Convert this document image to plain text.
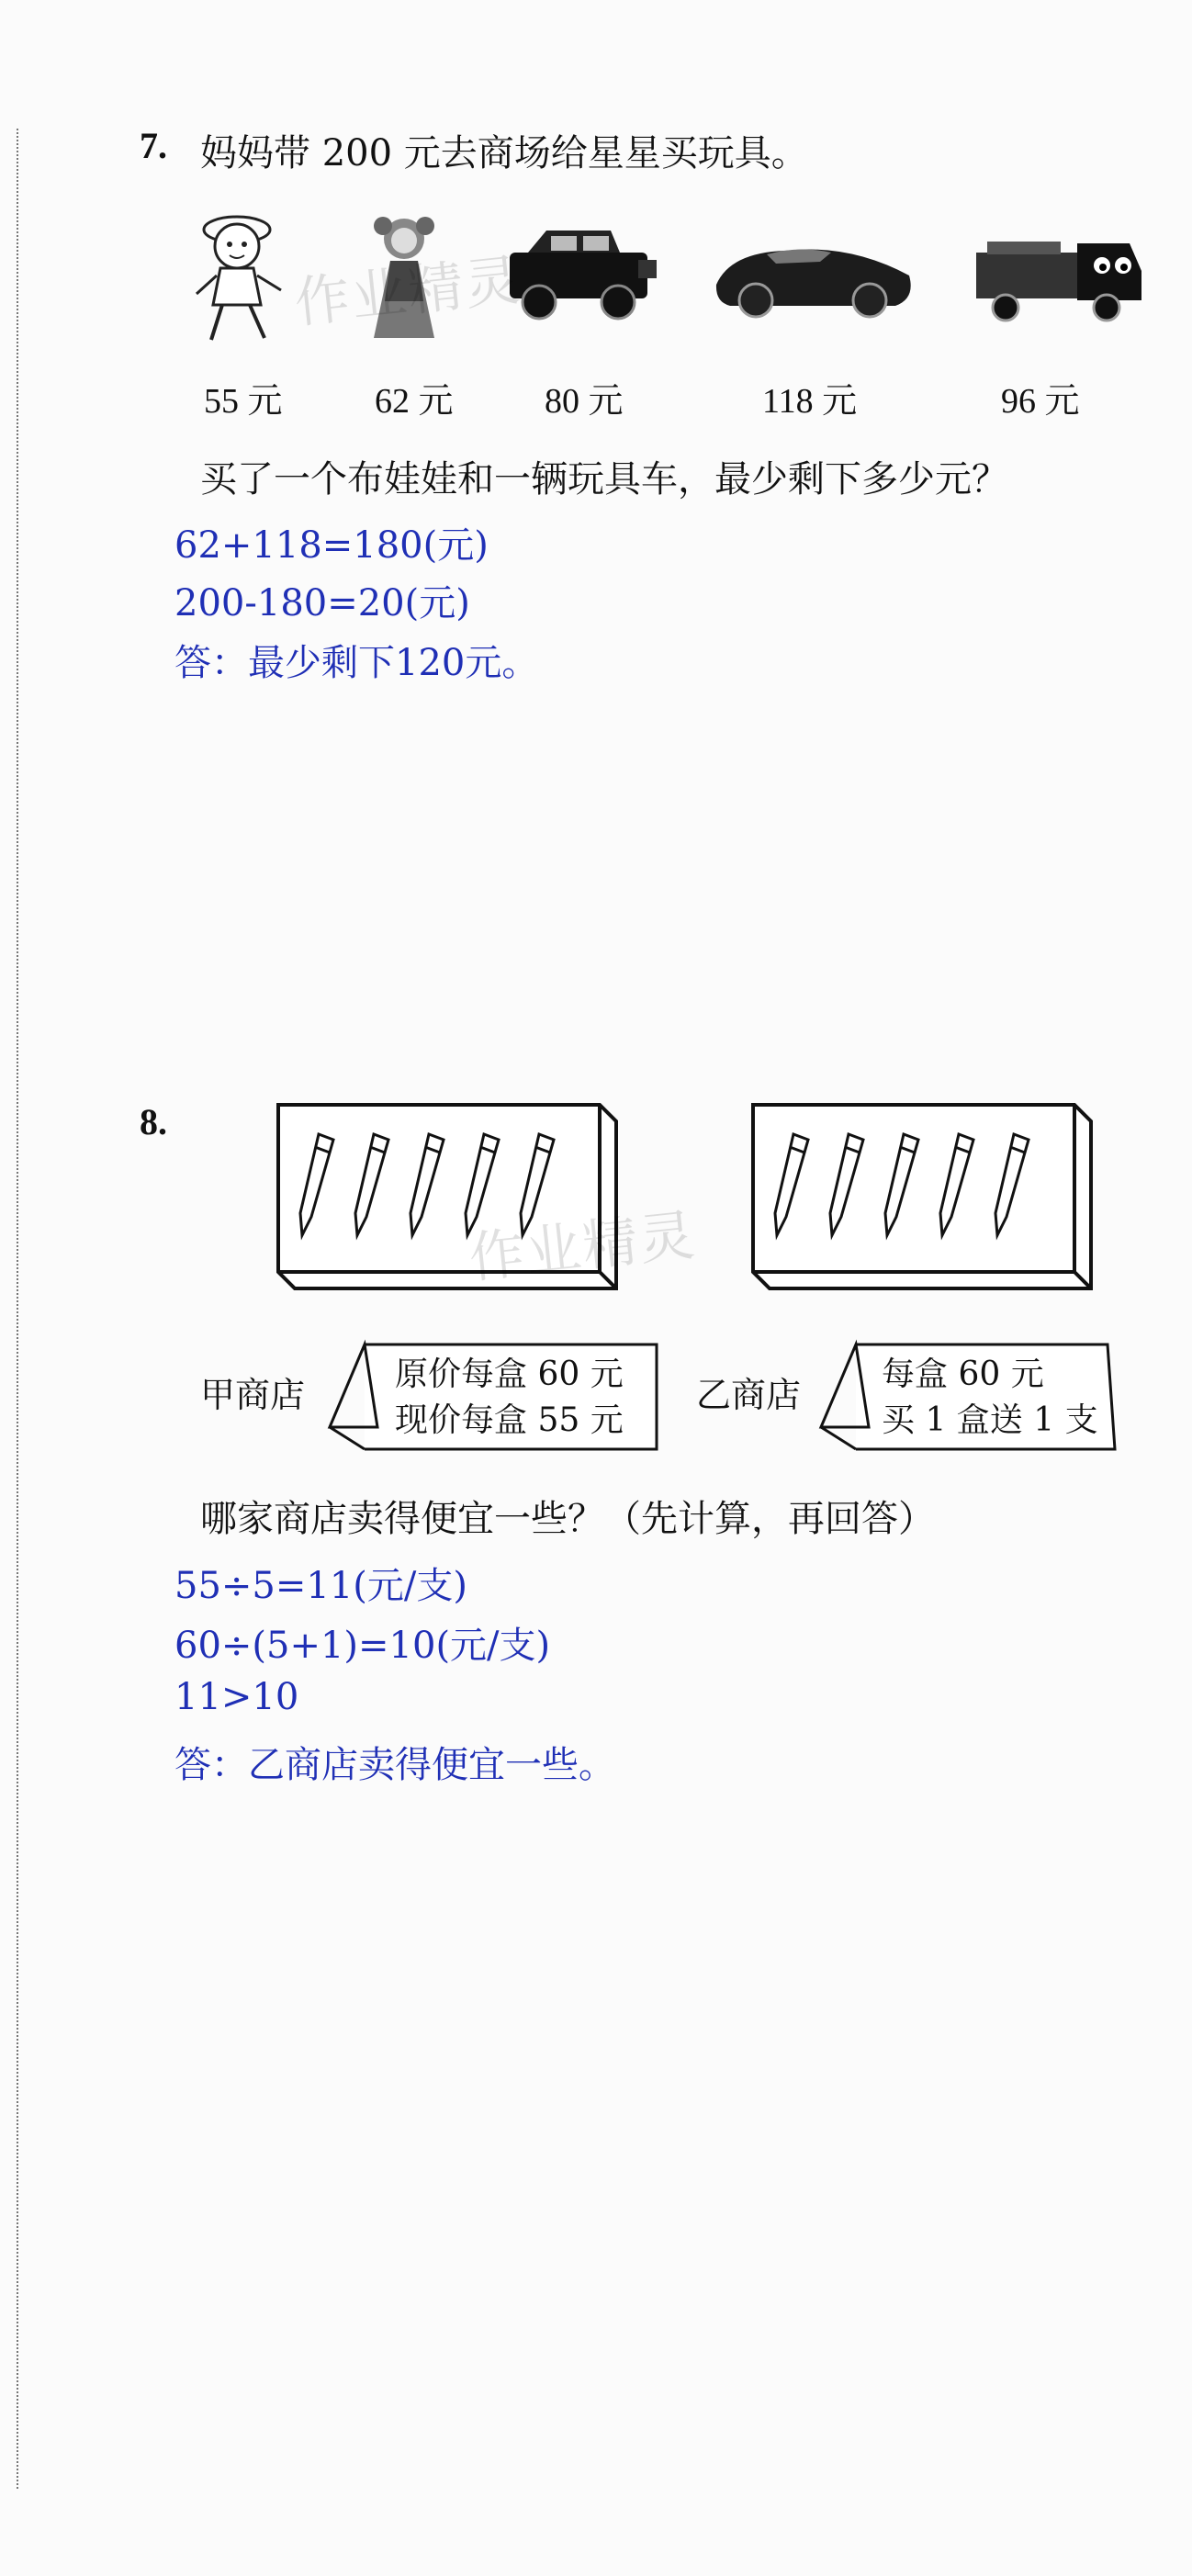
7. 妈妈带 200 元去商场给星星买玩具。
作业精灵
55 元	62 元	80 元	118 元	96 元
买了一个布娃娃和一辆玩具车，最少剩下多少元？
62+118=180(元)
200-180=20(元)
答：最少剩下120元。
8.
作业精灵
甲商店
原价每盒 60 元
现价每盒 55 元
乙商店
每盒 60 元
买 1 盒送 1 支
哪家商店卖得便宜一些？（先计算，再回答）
55÷5=11(元/支)
60÷(5+1)=10(元/支)
11>10
答：乙商店卖得便宜一些。
